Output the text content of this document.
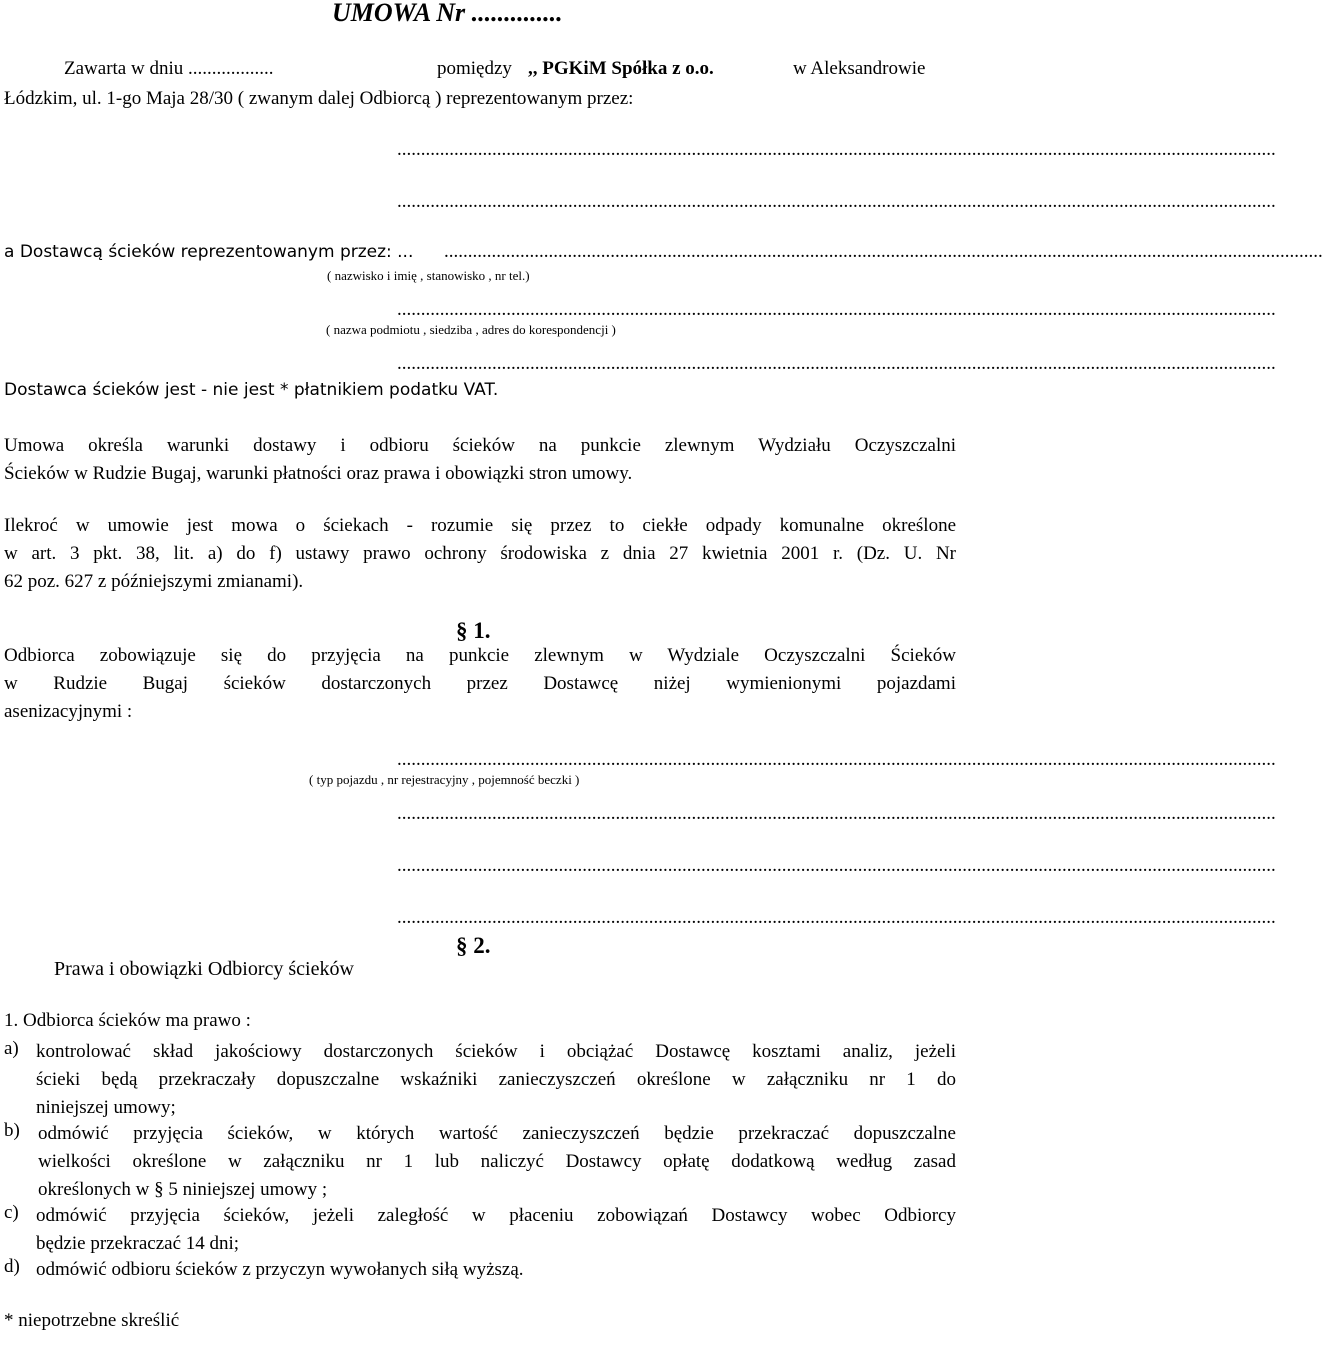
UMOWA Nr ..............
Zawarta w dniu ..................	pomiędzy ,, PGKiM Spółka z o.o.	w Aleksandrowie
Łódzkim, ul. 1-go Maja 28/30 ( zwanym dalej Odbiorcą ) reprezentowanym przez:
.........................................................................................................................................................................................
.........................................................................................................................................................................................
a Dostawcą ścieków reprezentowanym przez: ... .........................................................................................................................................................................................
( nazwisko i imię , stanowisko , nr tel.)
.........................................................................................................................................................................................
( nazwa podmiotu , siedziba , adres do korespondencji )
.........................................................................................................................................................................................
Dostawca ścieków jest - nie jest * płatnikiem podatku VAT.
Umowa określa warunki dostawy i odbioru ścieków na punkcie zlewnym Wydziału Oczyszczalni
Ścieków w Rudzie Bugaj, warunki płatności oraz prawa i obowiązki stron umowy.
Ilekroć w umowie jest mowa o ściekach - rozumie się przez to ciekłe odpady komunalne określone
w art. 3 pkt. 38, lit. a) do f) ustawy prawo ochrony środowiska z dnia 27 kwietnia 2001 r. (Dz. U. Nr
62 poz. 627 z późniejszymi zmianami).
§ 1.
Odbiorca zobowiązuje się do przyjęcia na punkcie zlewnym w Wydziale Oczyszczalni Ścieków
w Rudzie Bugaj ścieków dostarczonych przez Dostawcę niżej wymienionymi pojazdami
asenizacyjnymi :
.........................................................................................................................................................................................
( typ pojazdu , nr rejestracyjny , pojemność beczki )
.........................................................................................................................................................................................
.........................................................................................................................................................................................
.........................................................................................................................................................................................
§ 2.
Prawa i obowiązki Odbiorcy ścieków
1. Odbiorca ścieków ma prawo :
a) kontrolować skład jakościowy dostarczonych ścieków i obciążać Dostawcę kosztami analiz, jeżeli
ścieki będą przekraczały dopuszczalne wskaźniki zanieczyszczeń określone w załączniku nr 1 do
niniejszej umowy;
b) odmówić przyjęcia ścieków, w których wartość zanieczyszczeń będzie przekraczać dopuszczalne
wielkości określone w załączniku nr 1 lub naliczyć Dostawcy opłatę dodatkową według zasad
określonych w § 5 niniejszej umowy ;
c) odmówić przyjęcia ścieków, jeżeli zaległość w płaceniu zobowiązań Dostawcy wobec Odbiorcy
będzie przekraczać 14 dni;
d) odmówić odbioru ścieków z przyczyn wywołanych siłą wyższą.
* niepotrzebne skreślić
